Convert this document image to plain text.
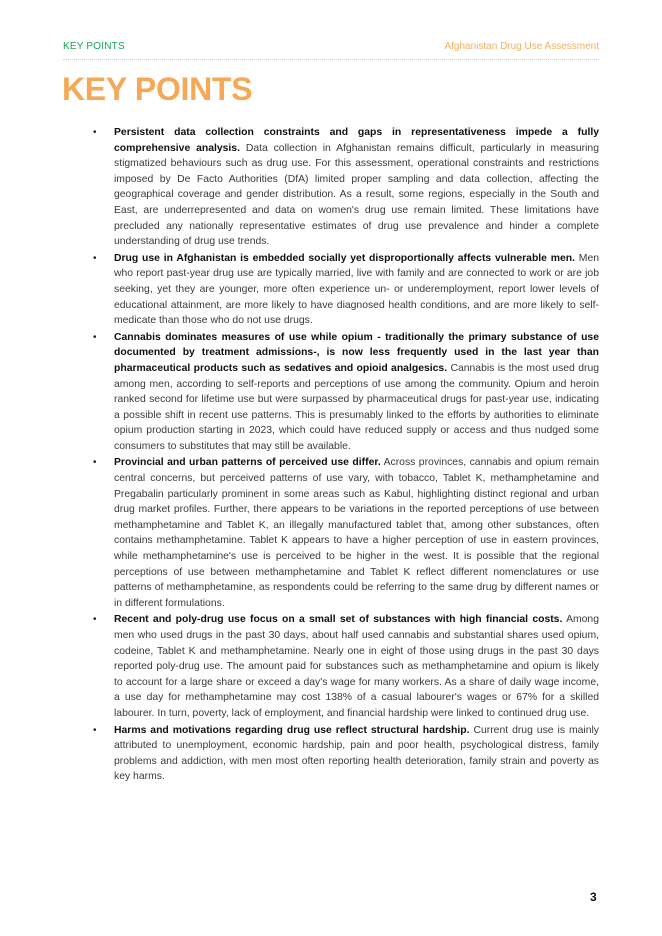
KEY POINTS	Afghanistan Drug Use Assessment
KEY POINTS
• Persistent data collection constraints and gaps in representativeness impede a fully comprehensive analysis. Data collection in Afghanistan remains difficult, particularly in measuring stigmatized behaviours such as drug use. For this assessment, operational constraints and restrictions imposed by De Facto Authorities (DfA) limited proper sampling and data collection, affecting the geographical coverage and gender distribution. As a result, some regions, especially in the South and East, are underrepresented and data on women's drug use remain limited. These limitations have precluded any nationally representative estimates of drug use prevalence and hinder a complete understanding of drug use trends.
• Drug use in Afghanistan is embedded socially yet disproportionally affects vulnerable men. Men who report past-year drug use are typically married, live with family and are connected to work or are job seeking, yet they are younger, more often experience un- or underemployment, report lower levels of educational attainment, are more likely to have diagnosed health conditions, and are more likely to self-medicate than those who do not use drugs.
• Cannabis dominates measures of use while opium - traditionally the primary substance of use documented by treatment admissions-, is now less frequently used in the last year than pharmaceutical products such as sedatives and opioid analgesics. Cannabis is the most used drug among men, according to self-reports and perceptions of use among the community. Opium and heroin ranked second for lifetime use but were surpassed by pharmaceutical drugs for past-year use, indicating a possible shift in recent use patterns. This is presumably linked to the efforts by authorities to eliminate opium production starting in 2023, which could have reduced supply or access and thus nudged some consumers to substitutes that may still be available.
• Provincial and urban patterns of perceived use differ. Across provinces, cannabis and opium remain central concerns, but perceived patterns of use vary, with tobacco, Tablet K, methamphetamine and Pregabalin particularly prominent in some areas such as Kabul, highlighting distinct regional and urban drug market profiles. Further, there appears to be variations in the reported perceptions of use between methamphetamine and Tablet K, an illegally manufactured tablet that, among other substances, often contains methamphetamine. Tablet K appears to have a higher perception of use in eastern provinces, while methamphetamine's use is perceived to be higher in the west. It is possible that the regional perceptions of use between methamphetamine and Tablet K reflect different nomenclatures or use patterns of methamphetamine, as respondents could be referring to the same drug by different names or in different formulations.
• Recent and poly-drug use focus on a small set of substances with high financial costs. Among men who used drugs in the past 30 days, about half used cannabis and substantial shares used opium, codeine, Tablet K and methamphetamine. Nearly one in eight of those using drugs in the past 30 days reported poly-drug use. The amount paid for substances such as methamphetamine and opium is likely to account for a large share or exceed a day's wage for many workers. As a share of daily wage income, a use day for methamphetamine may cost 138% of a casual labourer's wages or 67% for a skilled labourer. In turn, poverty, lack of employment, and financial hardship were linked to continued drug use.
• Harms and motivations regarding drug use reflect structural hardship. Current drug use is mainly attributed to unemployment, economic hardship, pain and poor health, psychological distress, family problems and addiction, with men most often reporting health deterioration, family strain and poverty as key harms.
3
